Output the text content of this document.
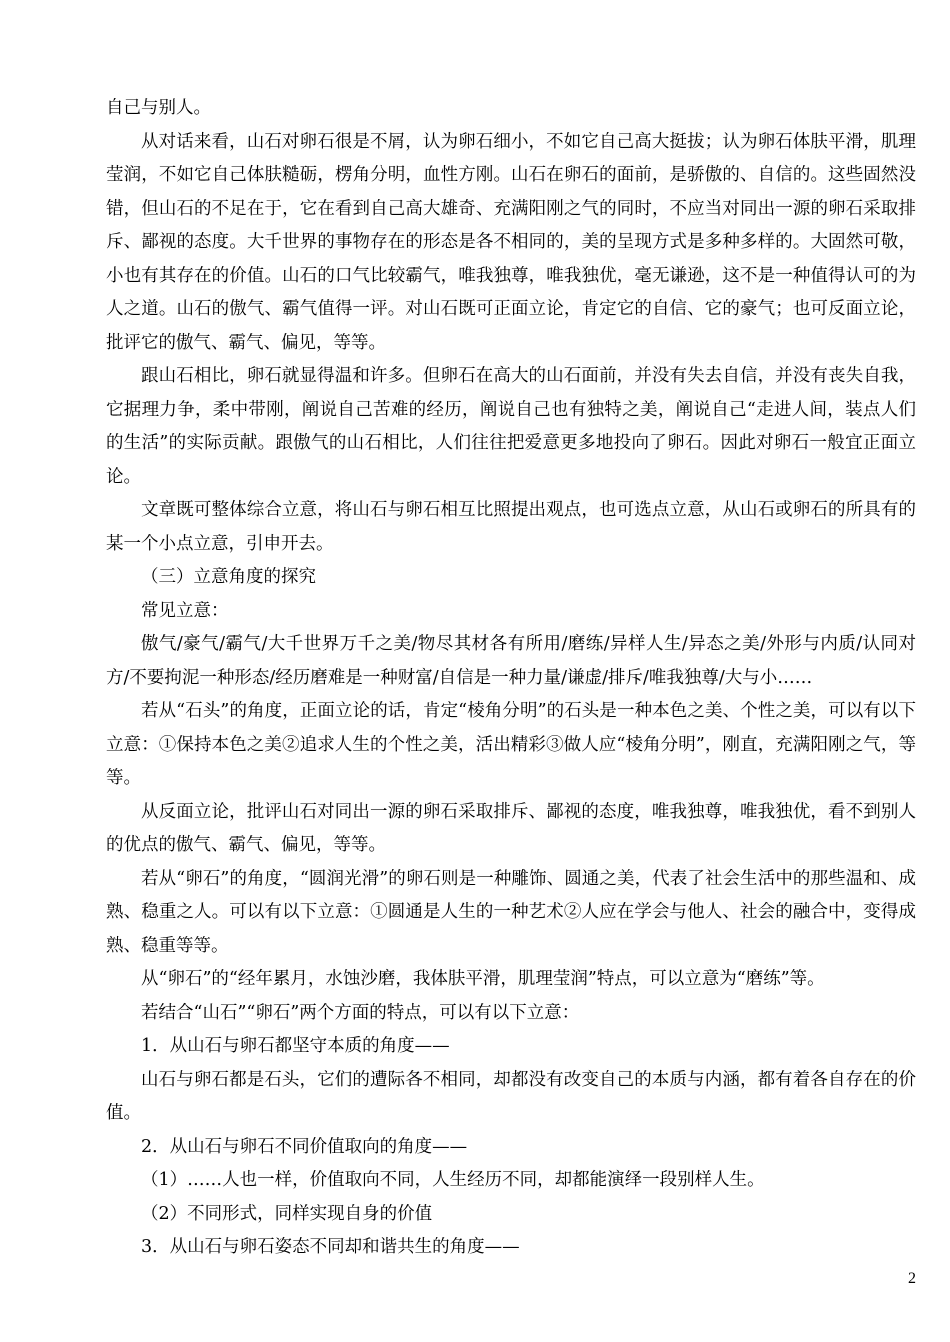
自己与别人。

从对话来看，山石对卵石很是不屑，认为卵石细小，不如它自己高大挺拔；认为卵石体肤平滑，肌理莹润，不如它自己体肤糙砺，楞角分明，血性方刚。山石在卵石的面前，是骄傲的、自信的。这些固然没错，但山石的不足在于，它在看到自己高大雄奇、充满阳刚之气的同时，不应当对同出一源的卵石采取排斥、鄙视的态度。大千世界的事物存在的形态是各不相同的，美的呈现方式是多种多样的。大固然可敬，小也有其存在的价值。山石的口气比较霸气，唯我独尊，唯我独优，毫无谦逊，这不是一种值得认可的为人之道。山石的傲气、霸气值得一评。对山石既可正面立论，肯定它的自信、它的豪气；也可反面立论，批评它的傲气、霸气、偏见，等等。

跟山石相比，卵石就显得温和许多。但卵石在高大的山石面前，并没有失去自信，并没有丧失自我，它据理力争，柔中带刚，阐说自己苦难的经历，阐说自己也有独特之美，阐说自己“走进人间，装点人们的生活”的实际贡献。跟傲气的山石相比，人们往往把爱意更多地投向了卵石。因此对卵石一般宜正面立论。

文章既可整体综合立意，将山石与卵石相互比照提出观点，也可选点立意，从山石或卵石的所具有的某一个小点立意，引申开去。

（三）立意角度的探究

常见立意：

傲气/豪气/霸气/大千世界万千之美/物尽其材各有所用/磨练/异样人生/异态之美/外形与内质/认同对方/不要拘泥一种形态/经历磨难是一种财富/自信是一种力量/谦虚/排斥/唯我独尊/大与小……

若从“石头”的角度，正面立论的话，肯定“棱角分明”的石头是一种本色之美、个性之美，可以有以下立意：①保持本色之美②追求人生的个性之美，活出精彩③做人应“棱角分明”，刚直，充满阳刚之气，等等。

从反面立论，批评山石对同出一源的卵石采取排斥、鄙视的态度，唯我独尊，唯我独优，看不到别人的优点的傲气、霸气、偏见，等等。

若从“卵石”的角度，“圆润光滑”的卵石则是一种雕饰、圆通之美，代表了社会生活中的那些温和、成熟、稳重之人。可以有以下立意：①圆通是人生的一种艺术②人应在学会与他人、社会的融合中，变得成熟、稳重等等。

从“卵石”的“经年累月，水蚀沙磨，我体肤平滑，肌理莹润”特点，可以立意为“磨练”等。

若结合“山石”“卵石”两个方面的特点，可以有以下立意：

1．从山石与卵石都坚守本质的角度——

山石与卵石都是石头，它们的遭际各不相同，却都没有改变自己的本质与内涵，都有着各自存在的价值。

2．从山石与卵石不同价值取向的角度——

（1）……人也一样，价值取向不同，人生经历不同，却都能演绎一段别样人生。

（2）不同形式，同样实现自身的价值

3．从山石与卵石姿态不同却和谐共生的角度——

2
